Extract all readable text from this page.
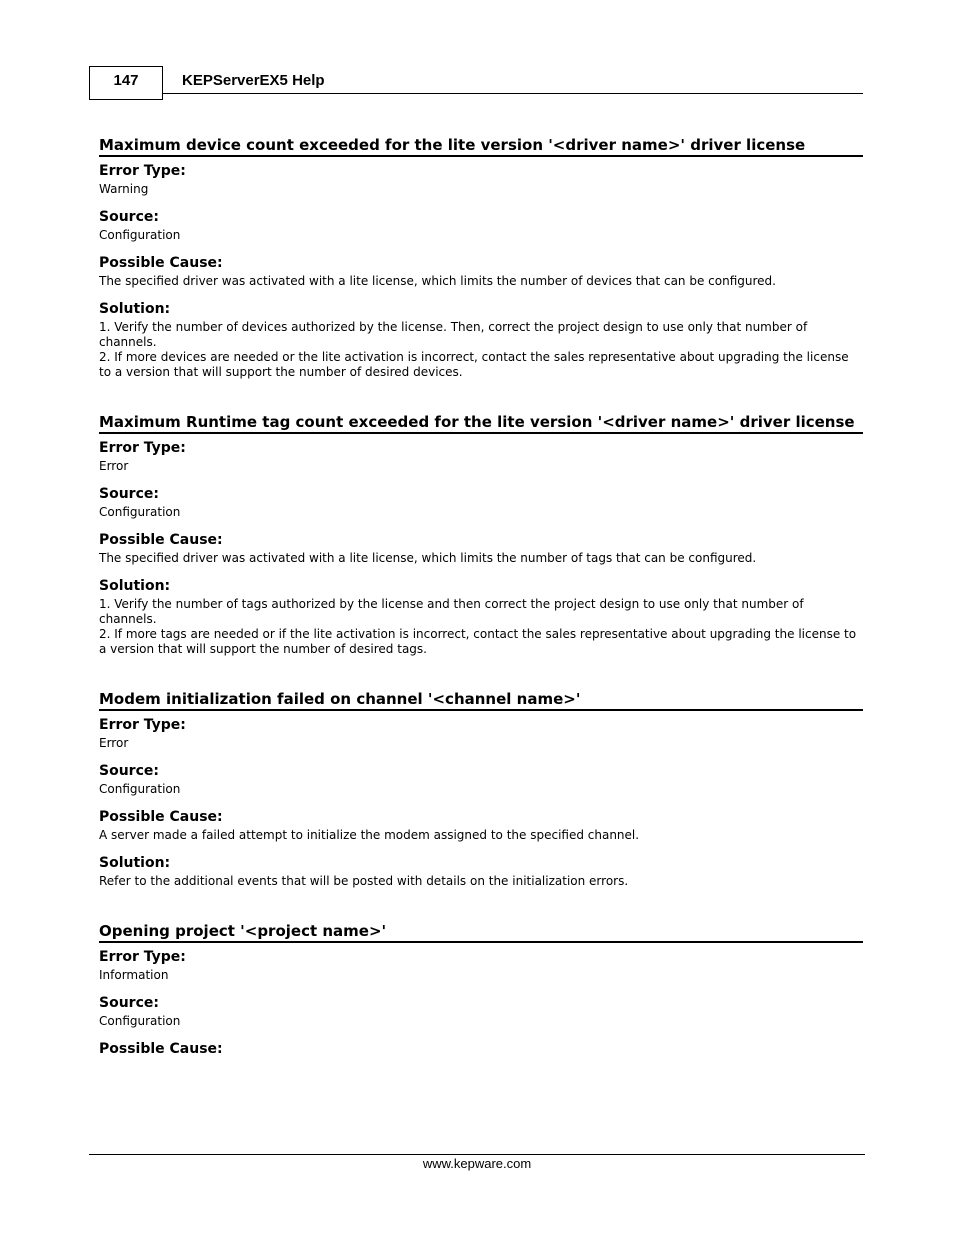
147	KEPServerEX5 Help
Maximum device count exceeded for the lite version '<driver name>' driver license
Error Type:
Warning
Source:
Configuration
Possible Cause:
The specified driver was activated with a lite license, which limits the number of devices that can be configured.
Solution:
1. Verify the number of devices authorized by the license. Then, correct the project design to use only that number of channels.
2. If more devices are needed or the lite activation is incorrect, contact the sales representative about upgrading the license to a version that will support the number of desired devices.
Maximum Runtime tag count exceeded for the lite version '<driver name>' driver license
Error Type:
Error
Source:
Configuration
Possible Cause:
The specified driver was activated with a lite license, which limits the number of tags that can be configured.
Solution:
1. Verify the number of tags authorized by the license and then correct the project design to use only that number of channels.
2. If more tags are needed or if the lite activation is incorrect, contact the sales representative about upgrading the license to a version that will support the number of desired tags.
Modem initialization failed on channel '<channel name>'
Error Type:
Error
Source:
Configuration
Possible Cause:
A server made a failed attempt to initialize the modem assigned to the specified channel.
Solution:
Refer to the additional events that will be posted with details on the initialization errors.
Opening project '<project name>'
Error Type:
Information
Source:
Configuration
Possible Cause:
www.kepware.com
